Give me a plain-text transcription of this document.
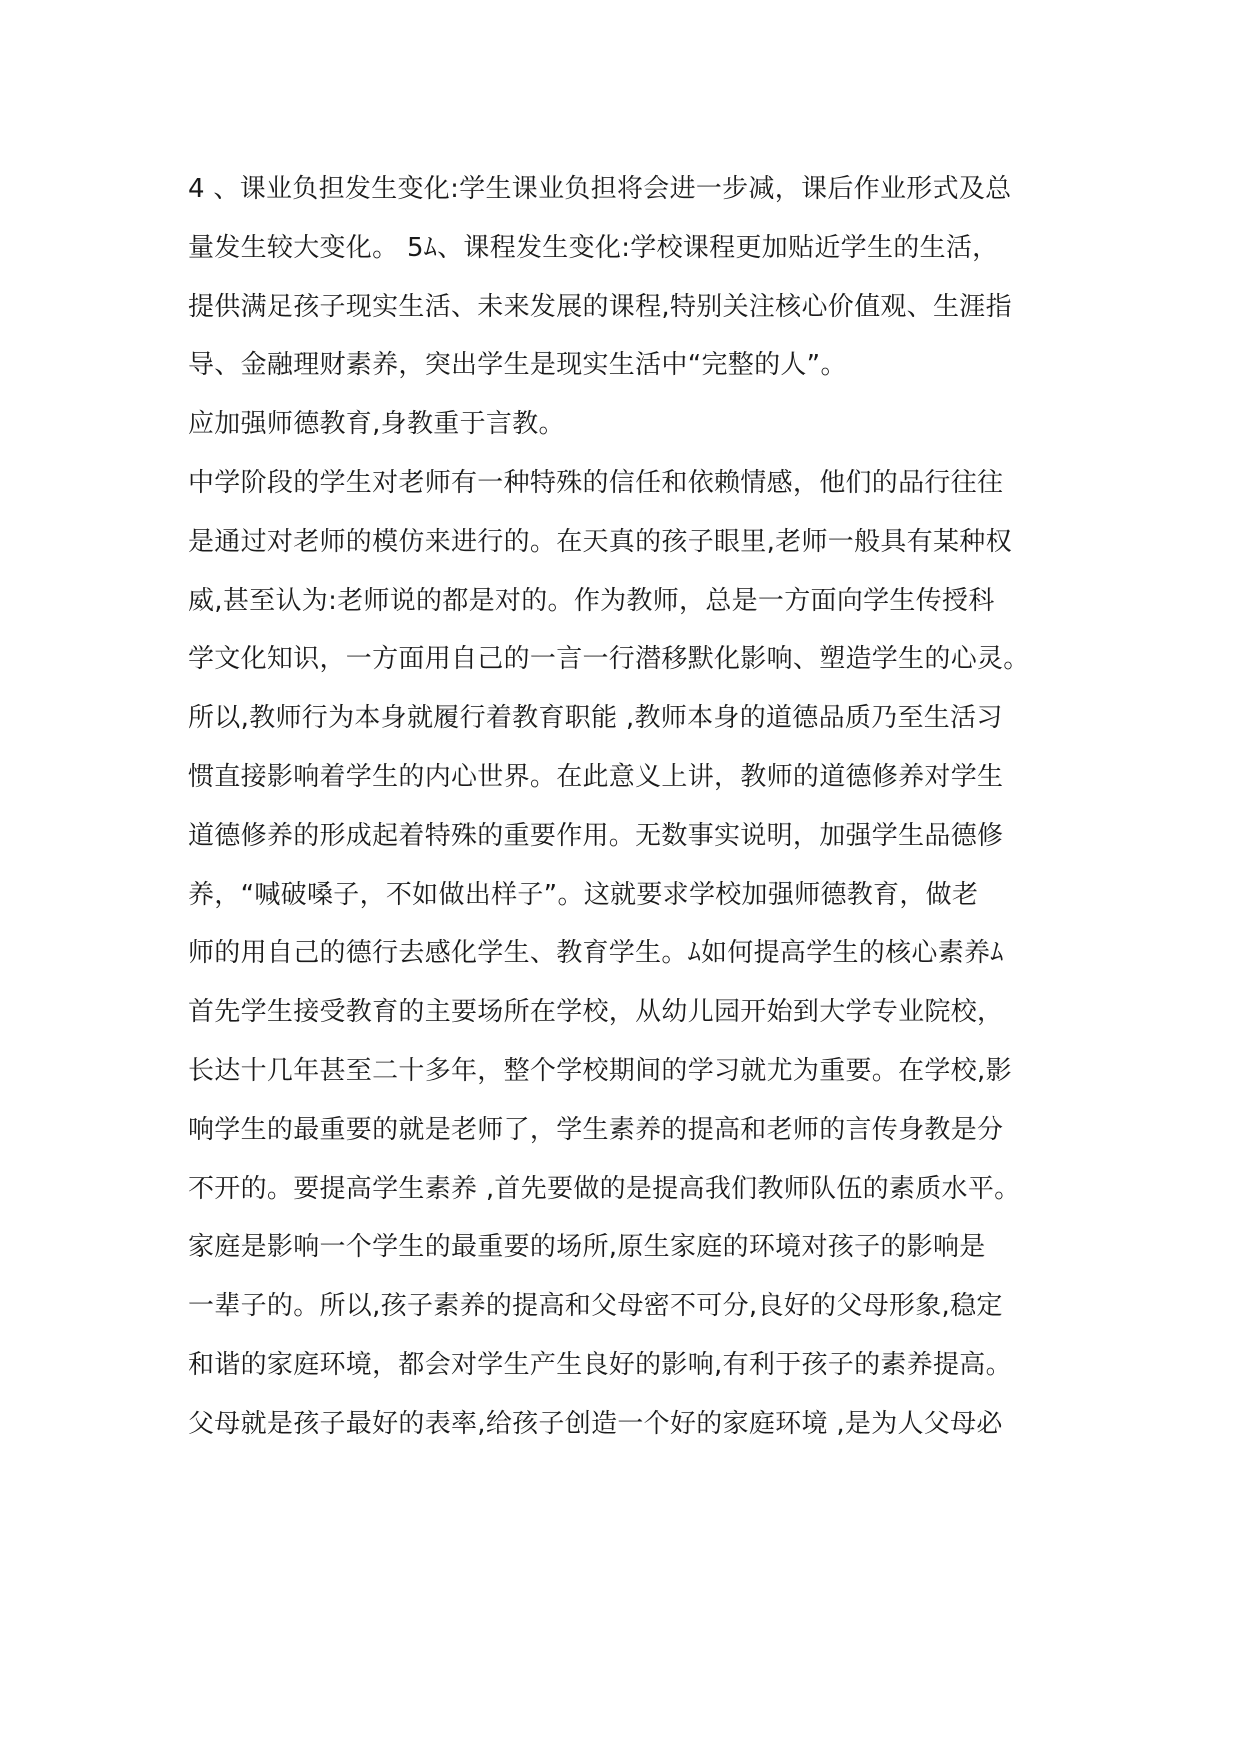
4 、课业负担发生变化:学生课业负担将会进一步减，课后作业形式及总
量发生较大变化。 5ﾑ、课程发生变化:学校课程更加贴近学生的生活，
提供满足孩子现实生活、未来发展的课程,特别关注核心价值观、生涯指
导、金融理财素养，突出学生是现实生活中“完整的人”。
应加强师德教育,身教重于言教。
中学阶段的学生对老师有一种特殊的信任和依赖情感，他们的品行往往
是通过对老师的模仿来进行的。在天真的孩子眼里,老师一般具有某种权
威,甚至认为:老师说的都是对的。作为教师，总是一方面向学生传授科
学文化知识，一方面用自己的一言一行潜移默化影响、塑造学生的心灵。
所以,教师行为本身就履行着教育职能 ,教师本身的道德品质乃至生活习
惯直接影响着学生的内心世界。在此意义上讲，教师的道德修养对学生
道德修养的形成起着特殊的重要作用。无数事实说明，加强学生品德修
养，“喊破嗓子，不如做出样子”。这就要求学校加强师德教育，做老
师的用自己的德行去感化学生、教育学生。ﾑ如何提高学生的核心素养ﾑ
首先学生接受教育的主要场所在学校，从幼儿园开始到大学专业院校，
长达十几年甚至二十多年，整个学校期间的学习就尤为重要。在学校,影
响学生的最重要的就是老师了，学生素养的提高和老师的言传身教是分
不开的。要提高学生素养 ,首先要做的是提高我们教师队伍的素质水平。
家庭是影响一个学生的最重要的场所,原生家庭的环境对孩子的影响是
一辈子的。所以,孩子素养的提高和父母密不可分,良好的父母形象,稳定
和谐的家庭环境，都会对学生产生良好的影响,有利于孩子的素养提高。
父母就是孩子最好的表率,给孩子创造一个好的家庭环境 ,是为人父母必
